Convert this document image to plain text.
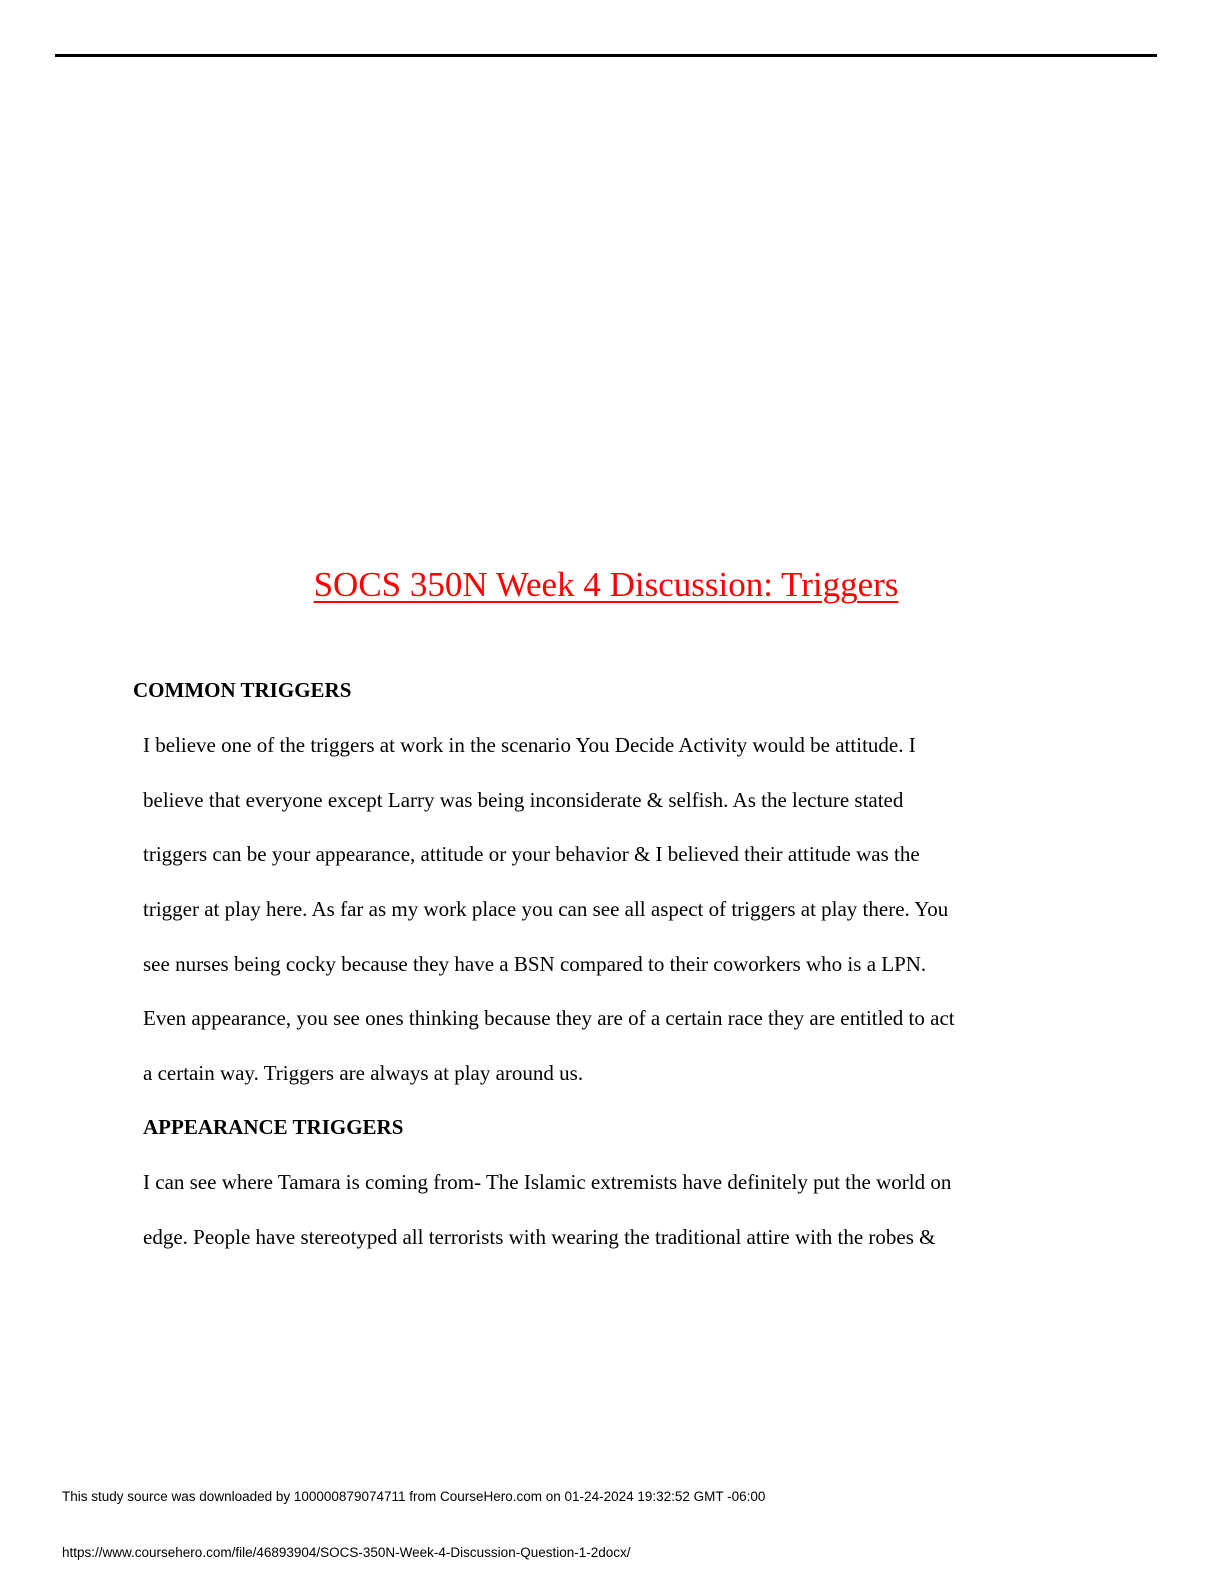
SOCS 350N Week 4 Discussion: Triggers
COMMON TRIGGERS
I believe one of the triggers at work in the scenario You Decide Activity would be attitude. I
believe that everyone except Larry was being inconsiderate & selfish. As the lecture stated
triggers can be your appearance, attitude or your behavior & I believed their attitude was the
trigger at play here. As far as my work place you can see all aspect of triggers at play there. You
see nurses being cocky because they have a BSN compared to their coworkers who is a LPN.
Even appearance, you see ones thinking because they are of a certain race they are entitled to act
a certain way. Triggers are always at play around us.
APPEARANCE TRIGGERS
I can see where Tamara is coming from- The Islamic extremists have definitely put the world on
edge. People have stereotyped all terrorists with wearing the traditional attire with the robes &
This study source was downloaded by 100000879074711 from CourseHero.com on 01-24-2024 19:32:52 GMT -06:00
https://www.coursehero.com/file/46893904/SOCS-350N-Week-4-Discussion-Question-1-2docx/
